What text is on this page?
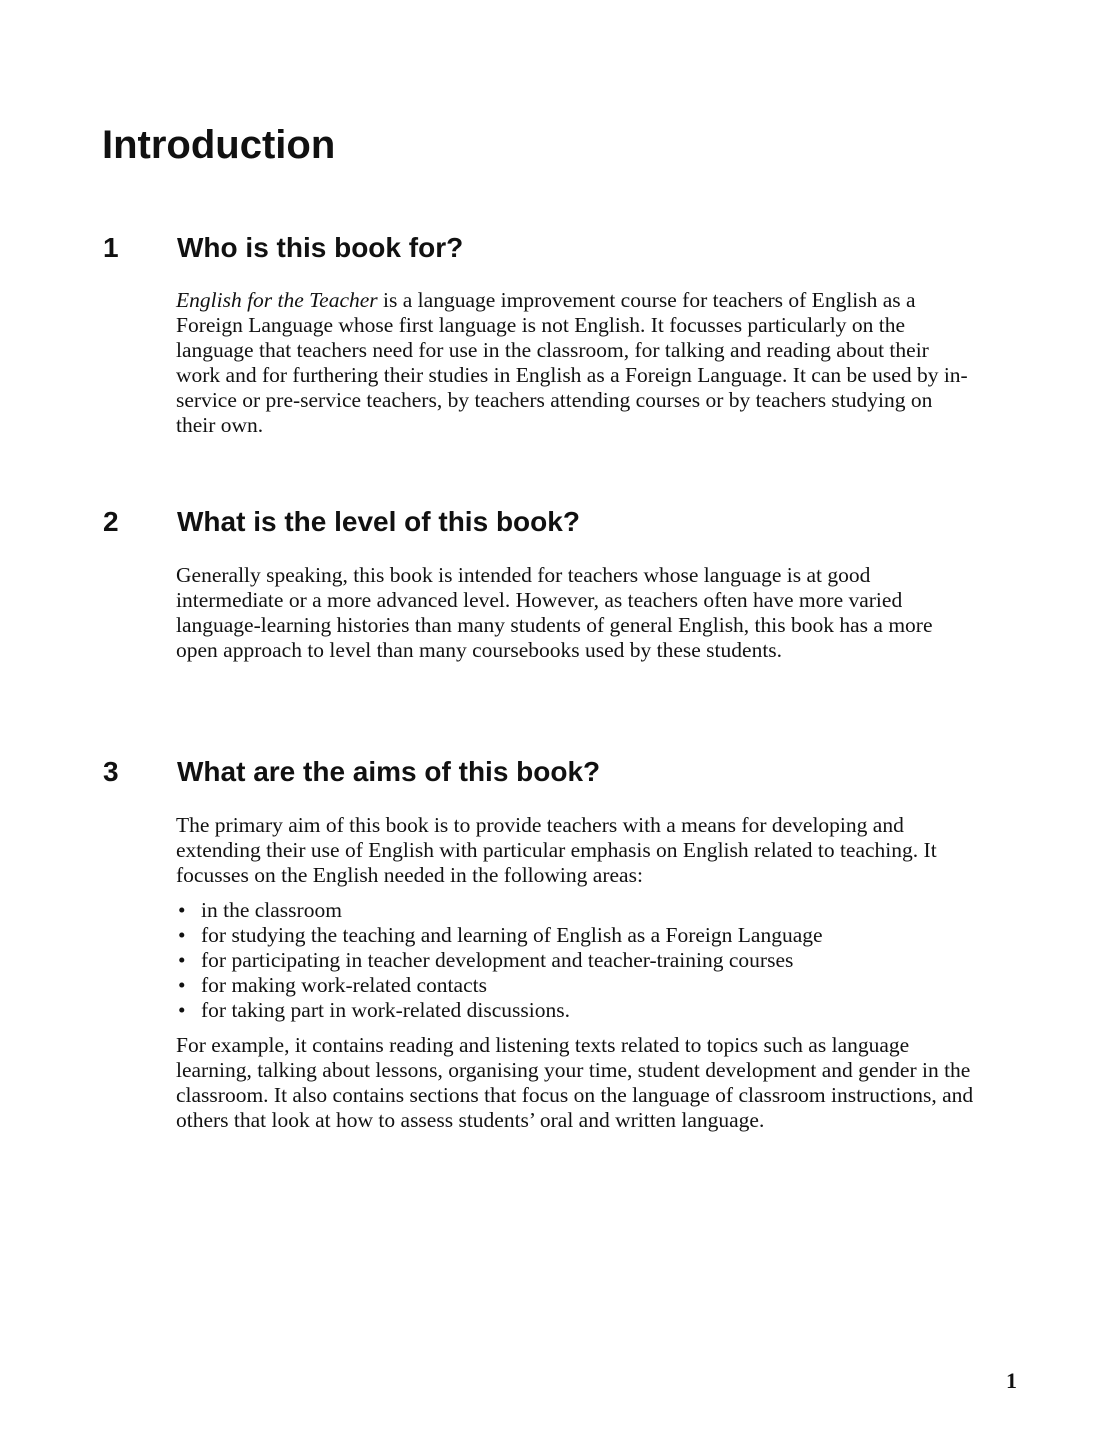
Introduction
1 Who is this book for?

English for the Teacher is a language improvement course for teachers of English as a Foreign Language whose first language is not English. It focusses particularly on the language that teachers need for use in the classroom, for talking and reading about their work and for furthering their studies in English as a Foreign Language. It can be used by in-service or pre-service teachers, by teachers attending courses or by teachers studying on their own.

2 What is the level of this book?

Generally speaking, this book is intended for teachers whose language is at good intermediate or a more advanced level. However, as teachers often have more varied language-learning histories than many students of general English, this book has a more open approach to level than many coursebooks used by these students.

3 What are the aims of this book?

The primary aim of this book is to provide teachers with a means for developing and extending their use of English with particular emphasis on English related to teaching. It focusses on the English needed in the following areas:

• in the classroom
• for studying the teaching and learning of English as a Foreign Language
• for participating in teacher development and teacher-training courses
• for making work-related contacts
• for taking part in work-related discussions.

For example, it contains reading and listening texts related to topics such as language learning, talking about lessons, organising your time, student development and gender in the classroom. It also contains sections that focus on the language of classroom instructions, and others that look at how to assess students’ oral and written language.

1
